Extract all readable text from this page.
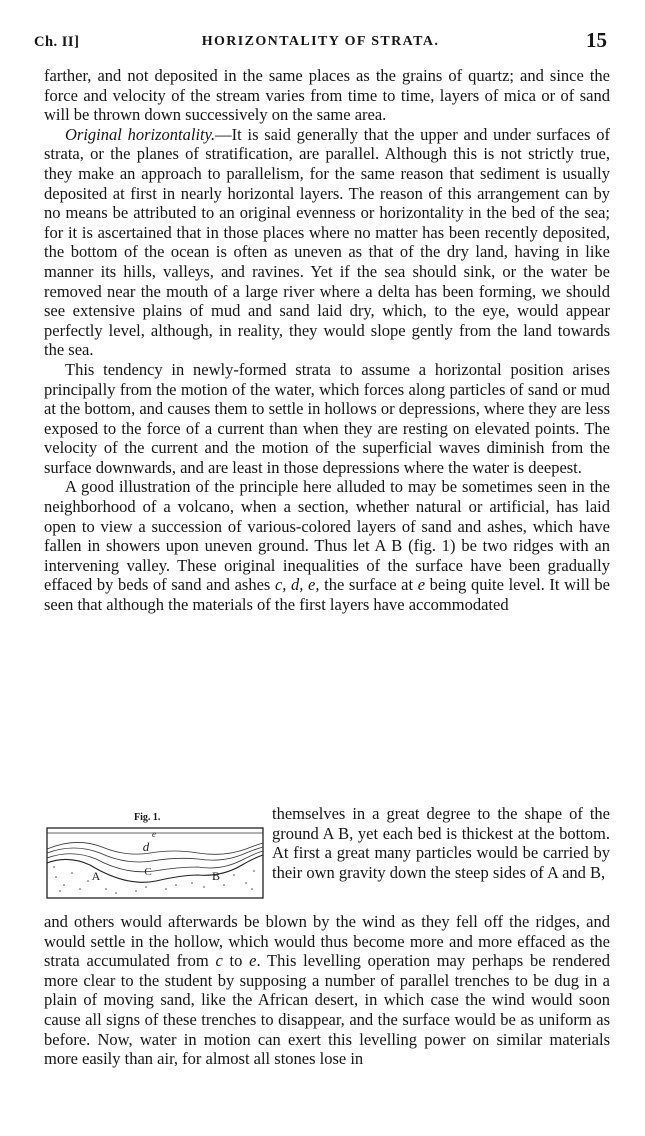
Ch. II]	HORIZONTALITY OF STRATA.	15

farther, and not deposited in the same places as the grains of quartz; and since the force and velocity of the stream varies from time to time, layers of mica or of sand will be thrown down successively on the same area.

Original horizontality.—It is said generally that the upper and under surfaces of strata, or the planes of stratification, are parallel. Although this is not strictly true, they make an approach to parallelism, for the same reason that sediment is usually deposited at first in nearly horizontal layers. The reason of this arrangement can by no means be attributed to an original evenness or horizontality in the bed of the sea; for it is ascertained that in those places where no matter has been recently deposited, the bottom of the ocean is often as uneven as that of the dry land, having in like manner its hills, valleys, and ravines. Yet if the sea should sink, or the water be removed near the mouth of a large river where a delta has been forming, we should see extensive plains of mud and sand laid dry, which, to the eye, would appear perfectly level, although, in reality, they would slope gently from the land towards the sea.

This tendency in newly-formed strata to assume a horizontal position arises principally from the motion of the water, which forces along particles of sand or mud at the bottom, and causes them to settle in hollows or depressions, where they are less exposed to the force of a current than when they are resting on elevated points. The velocity of the current and the motion of the superficial waves diminish from the surface downwards, and are least in those depressions where the water is deepest.

A good illustration of the principle here alluded to may be sometimes seen in the neighborhood of a volcano, when a section, whether natural or artificial, has laid open to view a succession of various-colored layers of sand and ashes, which have fallen in showers upon uneven ground. Thus let A B (fig. 1) be two ridges with an intervening valley. These original inequalities of the surface have been gradually effaced by beds of sand and ashes c, d, e, the surface at e being quite level. It will be seen that although the materials of the first layers have accommodated

Fig. 1.
e
d
C
A	B

themselves in a great degree to the shape of the ground A B, yet each bed is thickest at the bottom. At first a great many particles would be carried by their own gravity down the steep sides of A and B,

and others would afterwards be blown by the wind as they fell off the ridges, and would settle in the hollow, which would thus become more and more effaced as the strata accumulated from c to e. This levelling operation may perhaps be rendered more clear to the student by supposing a number of parallel trenches to be dug in a plain of moving sand, like the African desert, in which case the wind would soon cause all signs of these trenches to disappear, and the surface would be as uniform as before. Now, water in motion can exert this levelling power on similar materials more easily than air, for almost all stones lose in
